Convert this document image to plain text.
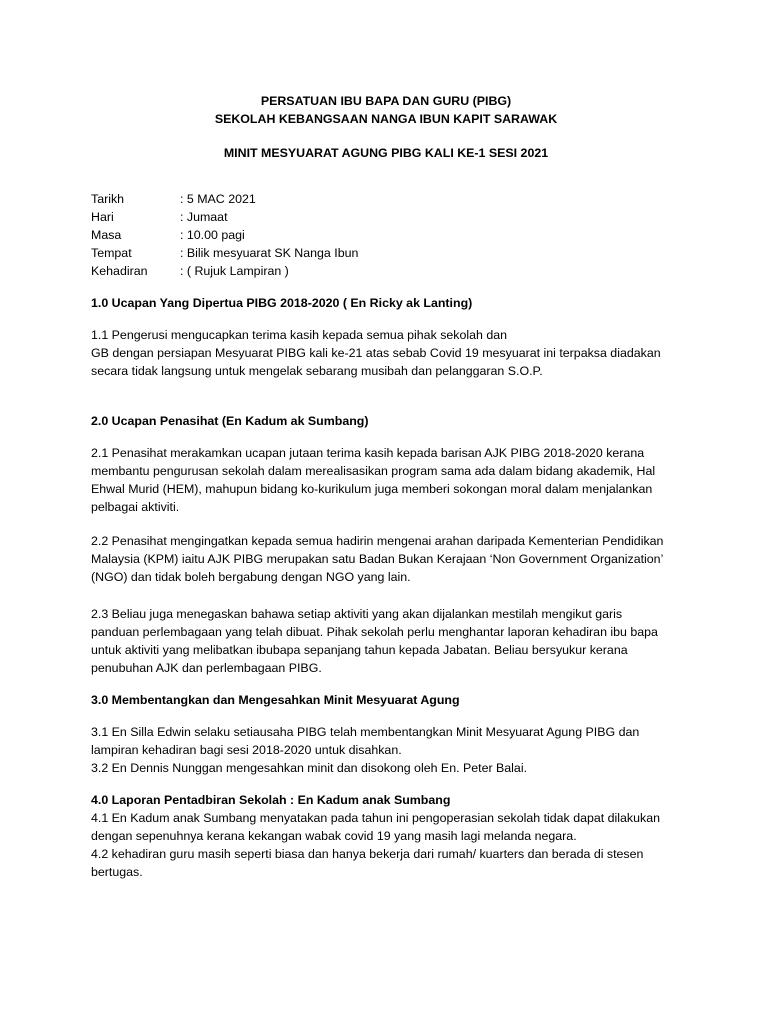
PERSATUAN IBU BAPA DAN GURU (PIBG)
SEKOLAH KEBANGSAAN NANGA IBUN KAPIT SARAWAK
MINIT MESYUARAT AGUNG PIBG KALI KE-1 SESI 2021
Tarikh	: 5 MAC 2021
Hari	: Jumaat
Masa	: 10.00 pagi
Tempat	: Bilik mesyuarat SK Nanga Ibun
Kehadiran	: ( Rujuk Lampiran )
1.0 Ucapan Yang Dipertua PIBG 2018-2020 ( En Ricky ak Lanting)
1.1 Pengerusi mengucapkan terima kasih kepada semua pihak sekolah dan
GB dengan persiapan Mesyuarat PIBG kali ke-21 atas sebab Covid 19 mesyuarat ini terpaksa diadakan
secara tidak langsung untuk mengelak sebarang musibah dan pelanggaran S.O.P.
2.0 Ucapan Penasihat (En Kadum ak Sumbang)
2.1 Penasihat merakamkan ucapan jutaan terima kasih kepada barisan AJK PIBG 2018-2020 kerana
membantu pengurusan sekolah dalam merealisasikan program sama ada dalam bidang akademik, Hal
Ehwal Murid (HEM), mahupun bidang ko-kurikulum juga memberi sokongan moral dalam menjalankan
pelbagai aktiviti.
2.2 Penasihat mengingatkan kepada semua hadirin mengenai arahan daripada Kementerian Pendidikan
Malaysia (KPM) iaitu AJK PIBG merupakan satu Badan Bukan Kerajaan ‘Non Government Organization’
(NGO) dan tidak boleh bergabung dengan NGO yang lain.
2.3 Beliau juga menegaskan bahawa setiap aktiviti yang akan dijalankan mestilah mengikut garis
panduan perlembagaan yang telah dibuat. Pihak sekolah perlu menghantar laporan kehadiran ibu bapa
untuk aktiviti yang melibatkan ibubapa sepanjang tahun kepada Jabatan. Beliau bersyukur kerana
penubuhan AJK dan perlembagaan PIBG.
3.0 Membentangkan dan Mengesahkan Minit Mesyuarat Agung
3.1 En Silla Edwin selaku setiausaha PIBG telah membentangkan Minit Mesyuarat Agung PIBG dan
lampiran kehadiran bagi sesi 2018-2020 untuk disahkan.
3.2 En Dennis Nunggan mengesahkan minit dan disokong oleh En. Peter Balai.
4.0 Laporan Pentadbiran Sekolah : En Kadum anak Sumbang
4.1 En Kadum anak Sumbang menyatakan pada tahun ini pengoperasian sekolah tidak dapat dilakukan
dengan sepenuhnya kerana kekangan wabak covid 19 yang masih lagi melanda negara.
4.2 kehadiran guru masih seperti biasa dan hanya bekerja dari rumah/ kuarters dan berada di stesen
bertugas.
